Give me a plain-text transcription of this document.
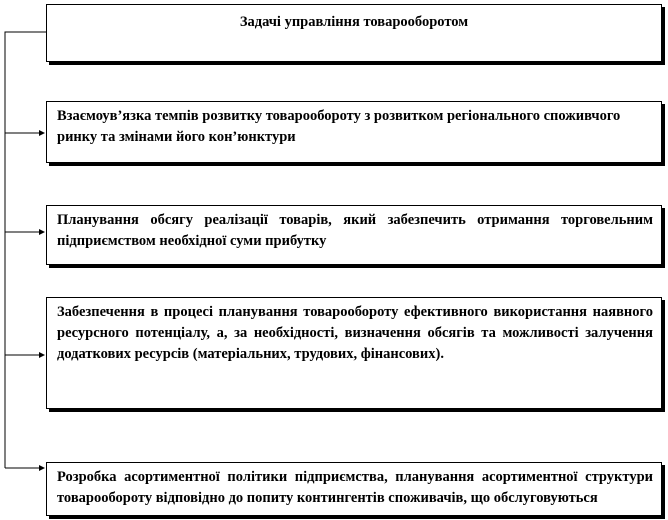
Задачі управління товарооборотом
Взаємоув’язка темпів розвитку товарообороту з розвитком регіонального споживчого ринку та змінами його кон’юнктури
Планування обсягу реалізації товарів, який забезпечить отримання торговельним підприємством необхідної суми прибутку
Забезпечення в процесі планування товарообороту ефективного використання наявного ресурсного потенціалу, а, за необхідності, визначення обсягів та можливості залучення додаткових ресурсів (матеріальних, трудових, фінансових).
Розробка асортиментної політики підприємства, планування асортиментної структури товарообороту відповідно до попиту контингентів споживачів, що обслуговуються
